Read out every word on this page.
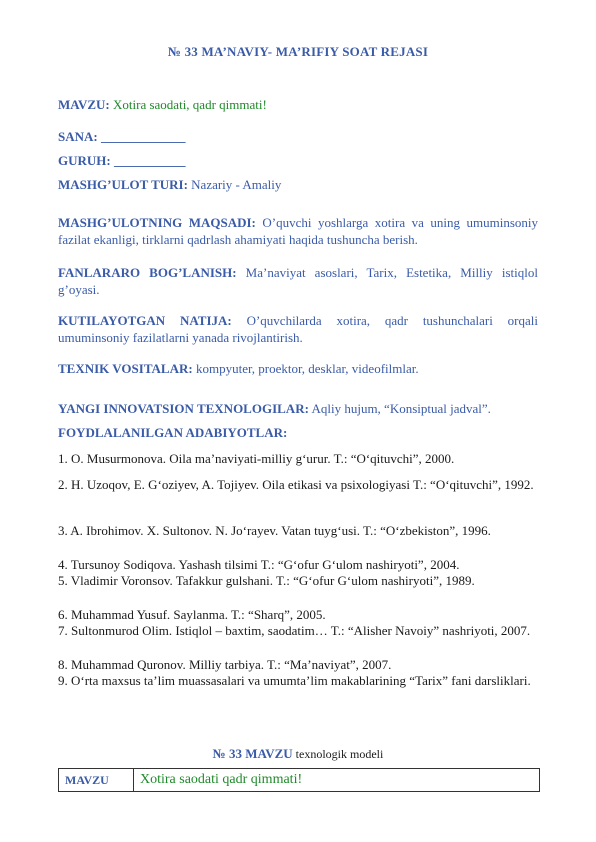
№ 33 MA’NAVIY- MA’RIFIY SOAT REJASI
MAVZU: Xotira saodati, qadr qimmati!
SANA: _____________
GURUH: ___________
MASHG’ULOT TURI: Nazariy - Amaliy
MASHG’ULOTNING MAQSADI: O’quvchi yoshlarga xotira va uning umuminsoniy fazilat ekanligi, tirklarni qadrlash ahamiyati haqida tushuncha berish.
FANLARARO BOG’LANISH: Ma’naviyat asoslari, Tarix, Estetika, Milliy istiqlol g’oyasi.
KUTILAYOTGAN NATIJA: O’quvchilarda xotira, qadr tushunchalari orqali umuminsoniy fazilatlarni yanada rivojlantirish.
TEXNIK VOSITALAR: kompyuter, proektor, desklar, videofilmlar.
YANGI INNOVATSION TEXNOLOGILAR: Aqliy hujum, “Konsiptual jadval”.
FOYDLALANILGAN ADABIYOTLAR:
1. O. Musurmonova. Oila ma’naviyati-milliy g‘urur. T.: “O‘qituvchi”, 2000.
2. H. Uzoqov, E. G‘oziyev, A. Tojiyev. Oila etikasi va psixologiyasi T.: “O‘qituvchi”, 1992.
3. A. Ibrohimov. X. Sultonov. N. Jo‘rayev. Vatan tuyg‘usi. T.: “O‘zbekiston”, 1996.
4. Tursunoy Sodiqova. Yashash tilsimi T.: “G‘ofur G‘ulom nashiryoti”, 2004.
5. Vladimir Voronsov. Tafakkur gulshani. T.: “G‘ofur G‘ulom nashiryoti”, 1989.
6. Muhammad Yusuf. Saylanma. T.: “Sharq”, 2005.
7. Sultonmurod Olim. Istiqlol – baxtim, saodatim… T.: “Alisher Navoiy” nashriyoti, 2007.
8. Muhammad Quronov. Milliy tarbiya. T.: “Ma’naviyat”, 2007.
9. O‘rta maxsus ta’lim muassasalari va umumta’lim makablarining “Tarix” fani darsliklari.
№ 33 MAVZU texnologik modeli
MAVZU	Xotira saodati qadr qimmati!
